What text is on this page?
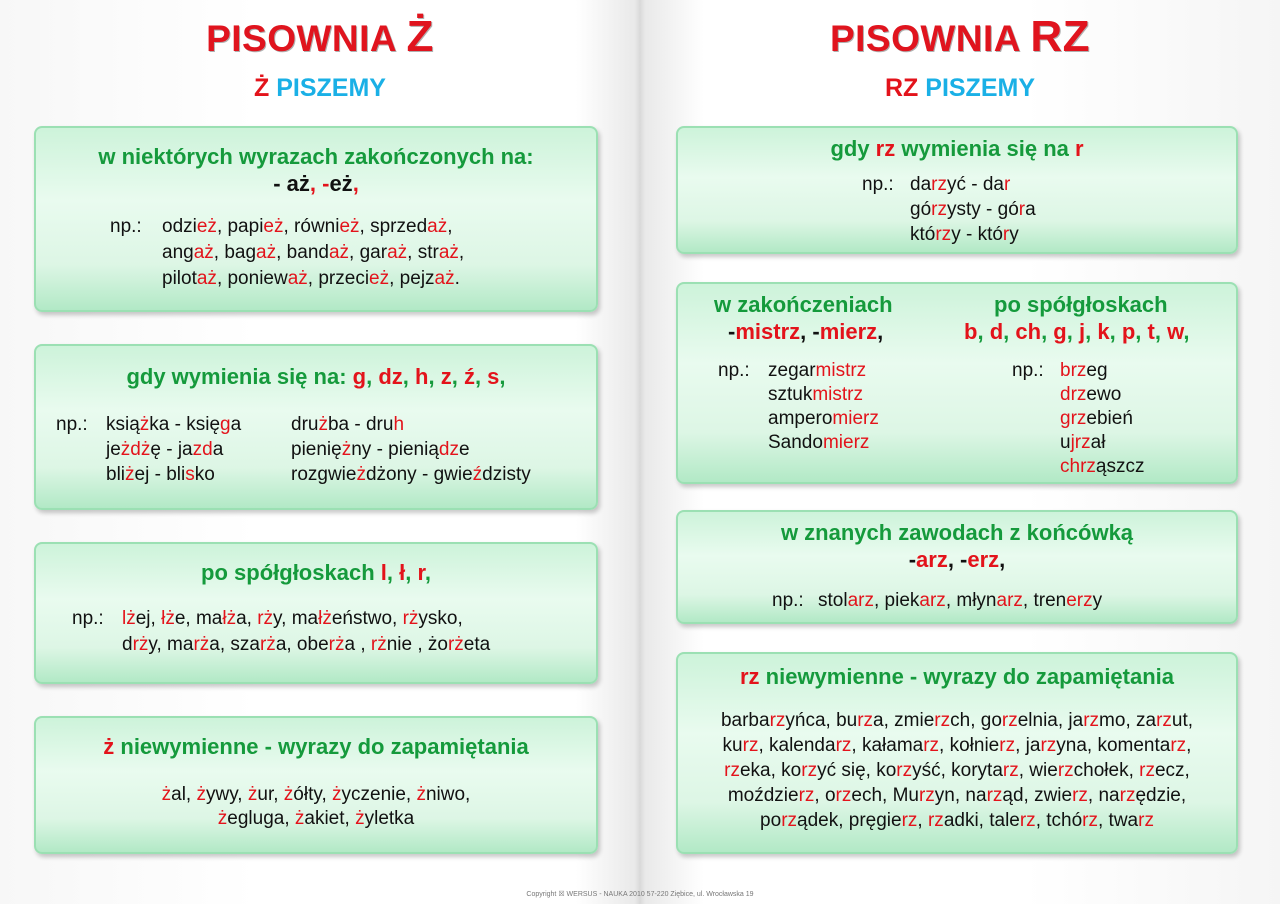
PISOWNIA Ż
Ż PISZEMY
w niektórych wyrazach zakończonych na:
- aż, -eż,
np.: odzież, papież, również, sprzedaż,
angaż, bagaż, bandaż, garaż, straż,
pilotaż, ponieważ, przecież, pejzaż.
gdy wymienia się na: g, dz, h, z, ź, s,
np.: książka - księga
jeżdżę - jazda
bliżej - blisko
drużba - druh
pieniężny - pieniądze
rozgwieżdżony - gwieździsty
po spółgłoskach l, ł, r,
np.: lżej, łże, małża, rży, małżeństwo, rżysko,
drży, marża, szarża, oberża , rżnie , żorżeta
ż niewymienne - wyrazy do zapamiętania
żal, żywy, żur, żółty, życzenie, żniwo,
żegluga, żakiet, żyletka
PISOWNIA RZ
RZ PISZEMY
gdy rz wymienia się na r
np.: darzyć - dar
górzysty - góra
którzy - który
w zakończeniach
-mistrz, -mierz,
po spółgłoskach
b, d, ch, g, j, k, p, t, w,
np.: zegarmistrz
sztukmistrz
amperomierz
Sandomierz
np.: brzeg
drzewo
grzebień
ujrzał
chrząszcz
w znanych zawodach z końcówką
-arz, -erz,
np.: stolarz, piekarz, młynarz, trenerzy
rz niewymienne - wyrazy do zapamiętania
barbarzyńca, burza, zmierzch, gorzelnia, jarzmo, zarzut,
kurz, kalendarz, kałamarz, kołnierz, jarzyna, komentarz,
rzeka, korzyć się, korzyść, korytarz, wierzchołek, rzecz,
moździerz, orzech, Murzyn, narząd, zwierz, narzędzie,
porządek, pręgierz, rzadki, talerz, tchórz, twarz
Copyright ☒ WERSUS - NAUKA 2010 57-220 Ziębice, ul. Wrocławska 19
